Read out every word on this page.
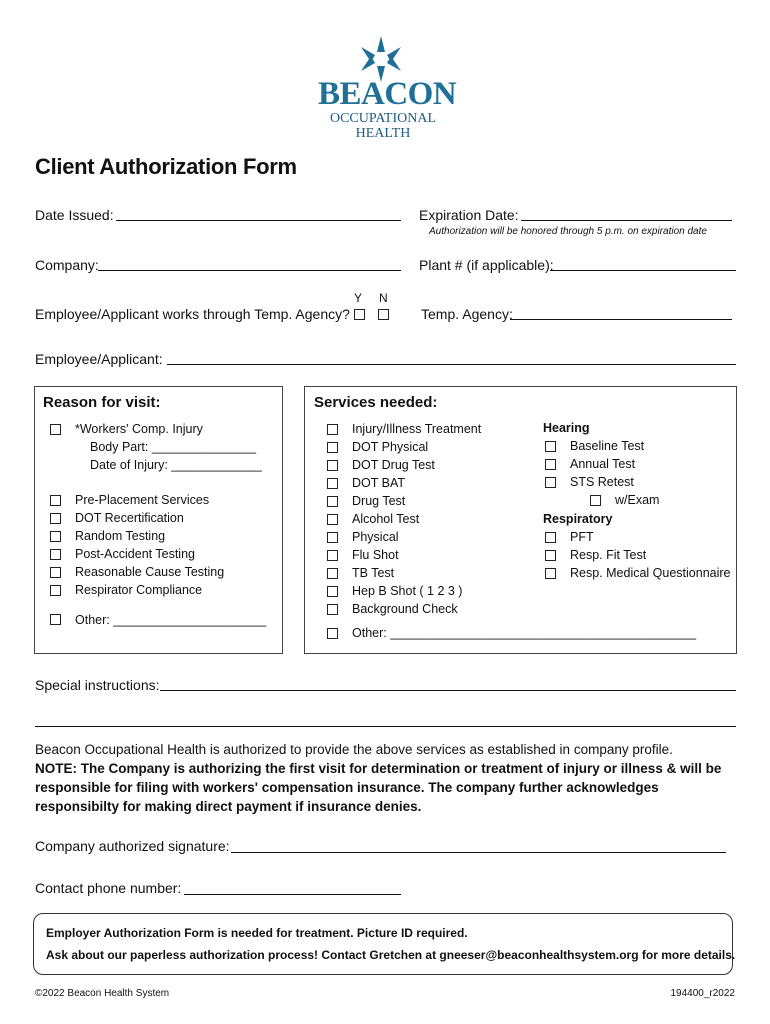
BEACON
OCCUPATIONAL
HEALTH
Client Authorization Form
Date Issued:	Expiration Date:
Authorization will be honored through 5 p.m. on expiration date
Company:	Plant # (if applicable):
Y N
Employee/Applicant works through Temp. Agency?	Temp. Agency:
Employee/Applicant:
Reason for visit:
*Workers' Comp. Injury
Body Part: _______________
Date of Injury: _____________
Pre-Placement Services
DOT Recertification
Random Testing
Post-Accident Testing
Reasonable Cause Testing
Respirator Compliance
Other: ______________________
Services needed:
Injury/Illness Treatment
DOT Physical
DOT Drug Test
DOT BAT
Drug Test
Alcohol Test
Physical
Flu Shot
TB Test
Hep B Shot ( 1 2 3 )
Background Check
Other: ____________________________________________
Hearing
Baseline Test
Annual Test
STS Retest
w/Exam
Respiratory
PFT
Resp. Fit Test
Resp. Medical Questionnaire
Special instructions:
Beacon Occupational Health is authorized to provide the above services as established in company profile.
NOTE: The Company is authorizing the first visit for determination or treatment of injury or illness & will be responsible for filing with workers' compensation insurance. The company further acknowledges responsibilty for making direct payment if insurance denies.
Company authorized signature:
Contact phone number:
Employer Authorization Form is needed for treatment. Picture ID required.
Ask about our paperless authorization process! Contact Gretchen at gneeser@beaconhealthsystem.org for more details.
©2022 Beacon Health System	194400_r2022
